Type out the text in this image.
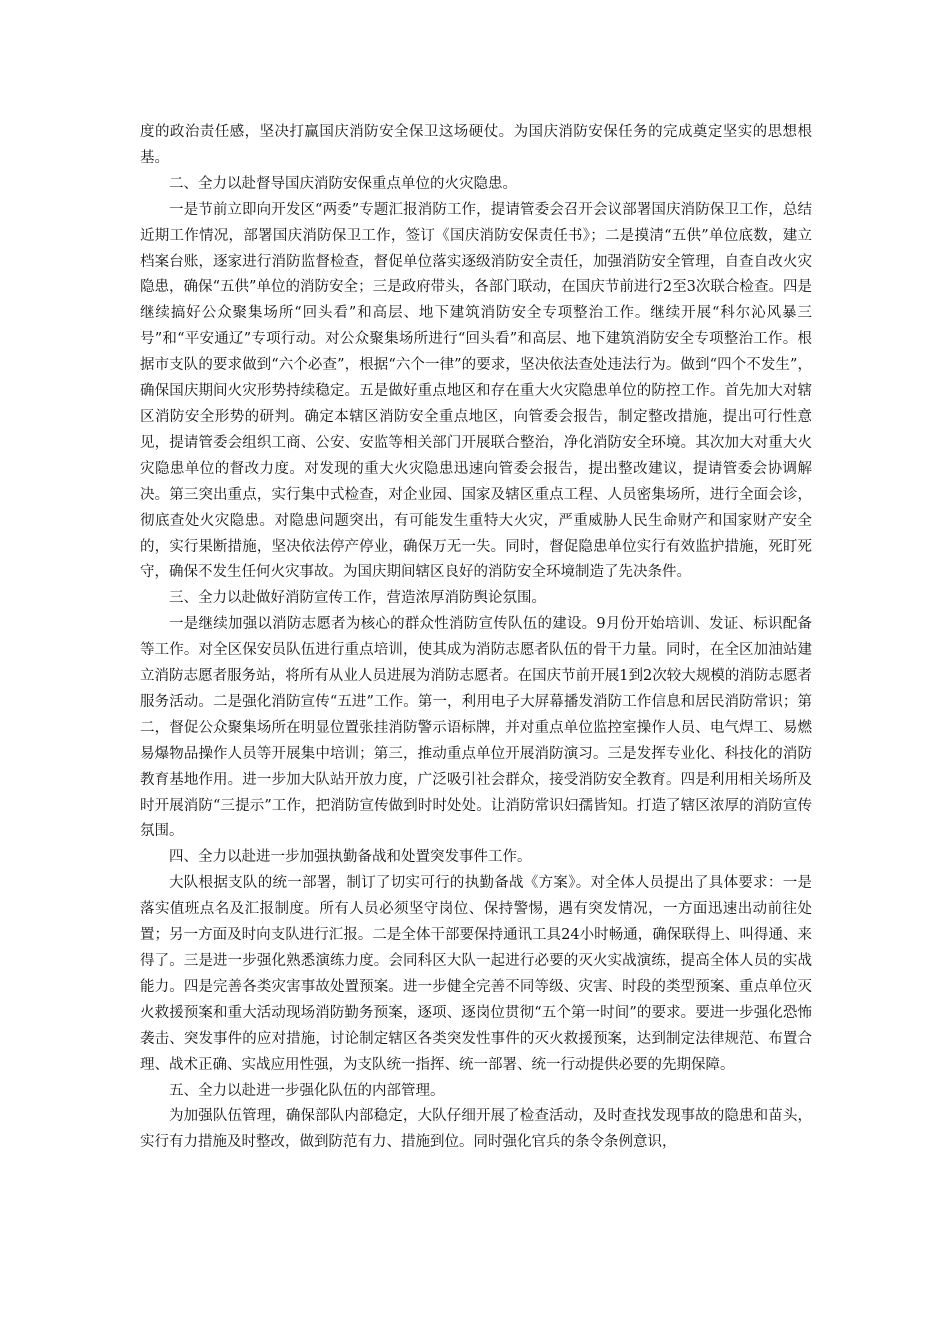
度的政治责任感，坚决打赢国庆消防安全保卫这场硬仗。为国庆消防安保任务的完成奠定坚实的思想根基。

二、全力以赴督导国庆消防安保重点单位的火灾隐患。

一是节前立即向开发区“两委”专题汇报消防工作，提请管委会召开会议部署国庆消防保卫工作，总结近期工作情况，部署国庆消防保卫工作，签订《国庆消防安保责任书》；二是摸清“五供”单位底数，建立档案台账，逐家进行消防监督检查，督促单位落实逐级消防安全责任，加强消防安全管理，自查自改火灾隐患，确保“五供”单位的消防安全；三是政府带头，各部门联动，在国庆节前进行2至3次联合检查。四是继续搞好公众聚集场所“回头看”和高层、地下建筑消防安全专项整治工作。继续开展“科尔沁风暴三号”和“平安通辽”专项行动。对公众聚集场所进行“回头看”和高层、地下建筑消防安全专项整治工作。根据市支队的要求做到“六个必查”，根据“六个一律”的要求，坚决依法查处违法行为。做到“四个不发生”，确保国庆期间火灾形势持续稳定。五是做好重点地区和存在重大火灾隐患单位的防控工作。首先加大对辖区消防安全形势的研判。确定本辖区消防安全重点地区，向管委会报告，制定整改措施，提出可行性意见，提请管委会组织工商、公安、安监等相关部门开展联合整治，净化消防安全环境。其次加大对重大火灾隐患单位的督改力度。对发现的重大火灾隐患迅速向管委会报告，提出整改建议，提请管委会协调解决。第三突出重点，实行集中式检查，对企业园、国家及辖区重点工程、人员密集场所，进行全面会诊，彻底查处火灾隐患。对隐患问题突出，有可能发生重特大火灾，严重威胁人民生命财产和国家财产安全的，实行果断措施，坚决依法停产停业，确保万无一失。同时，督促隐患单位实行有效监护措施，死盯死守，确保不发生任何火灾事故。为国庆期间辖区良好的消防安全环境制造了先决条件。

三、全力以赴做好消防宣传工作，营造浓厚消防舆论氛围。

一是继续加强以消防志愿者为核心的群众性消防宣传队伍的建设。9月份开始培训、发证、标识配备等工作。对全区保安员队伍进行重点培训，使其成为消防志愿者队伍的骨干力量。同时，在全区加油站建立消防志愿者服务站，将所有从业人员进展为消防志愿者。在国庆节前开展1到2次较大规模的消防志愿者服务活动。二是强化消防宣传“五进”工作。第一，利用电子大屏幕播发消防工作信息和居民消防常识；第二，督促公众聚集场所在明显位置张挂消防警示语标牌，并对重点单位监控室操作人员、电气焊工、易燃易爆物品操作人员等开展集中培训；第三，推动重点单位开展消防演习。三是发挥专业化、科技化的消防教育基地作用。进一步加大队站开放力度，广泛吸引社会群众，接受消防安全教育。四是利用相关场所及时开展消防“三提示”工作，把消防宣传做到时时处处。让消防常识妇孺皆知。打造了辖区浓厚的消防宣传氛围。

四、全力以赴进一步加强执勤备战和处置突发事件工作。

大队根据支队的统一部署，制订了切实可行的执勤备战《方案》。对全体人员提出了具体要求：一是落实值班点名及汇报制度。所有人员必须坚守岗位、保持警惕，遇有突发情况，一方面迅速出动前往处置；另一方面及时向支队进行汇报。二是全体干部要保持通讯工具24小时畅通，确保联得上、叫得通、来得了。三是进一步强化熟悉演练力度。会同科区大队一起进行必要的灭火实战演练，提高全体人员的实战能力。四是完善各类灾害事故处置预案。进一步健全完善不同等级、灾害、时段的类型预案、重点单位灭火救援预案和重大活动现场消防勤务预案，逐项、逐岗位贯彻“五个第一时间”的要求。要进一步强化恐怖袭击、突发事件的应对措施，讨论制定辖区各类突发性事件的灭火救援预案，达到制定法律规范、布置合理、战术正确、实战应用性强，为支队统一指挥、统一部署、统一行动提供必要的先期保障。

五、全力以赴进一步强化队伍的内部管理。

为加强队伍管理，确保部队内部稳定，大队仔细开展了检查活动，及时查找发现事故的隐患和苗头，实行有力措施及时整改，做到防范有力、措施到位。同时强化官兵的条令条例意识，
